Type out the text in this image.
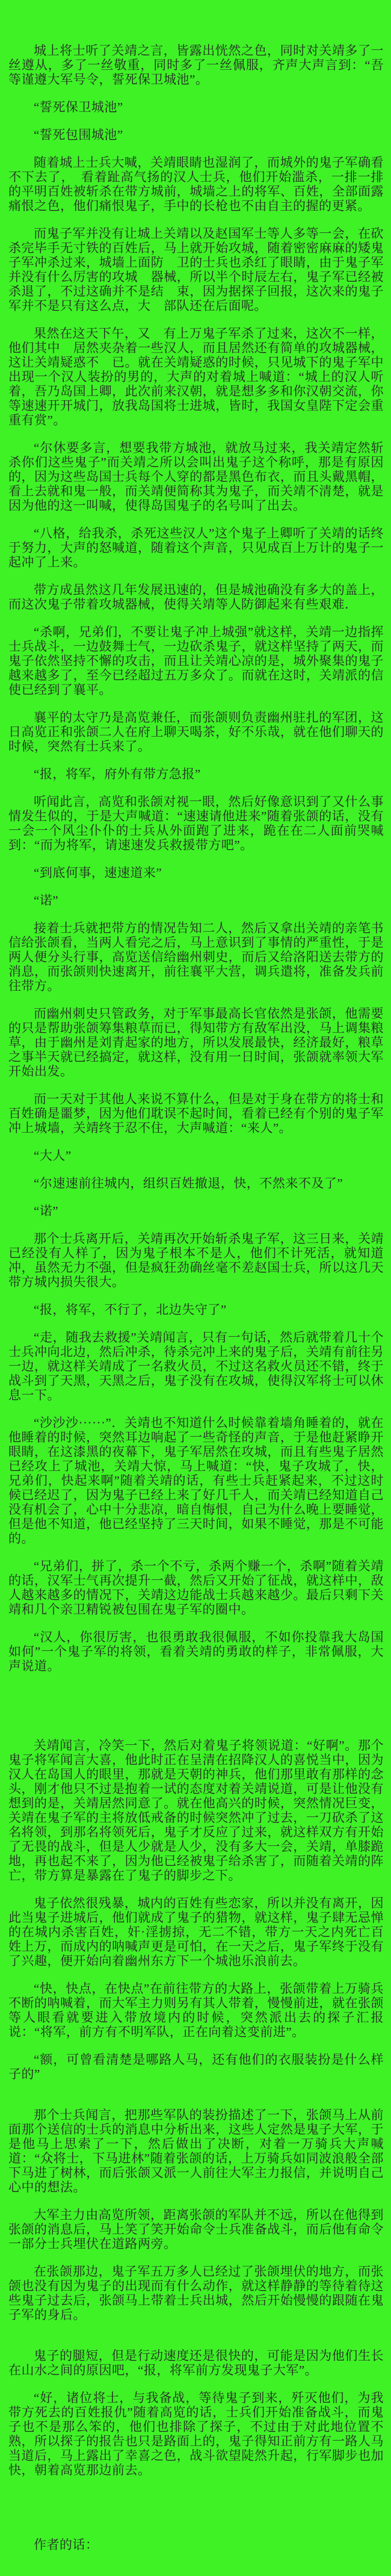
城上将士听了关靖之言，皆露出恍然之色，同时对关靖多了一丝遵从，多了一丝敬重，同时多了一丝佩服，齐声大声言到：“吾等谨遵大军号令，誓死保卫城池”。

“誓死保卫城池”

“誓死包围城池”

随着城上士兵大喊，关靖眼睛也湿润了，而城外的鬼子军确看不下去了，　看着趾高气扬的汉人士兵，他们开始滥杀，一排一排的平明百姓被斩杀在带方城前，城墙之上的将军、百姓，全部面露痛恨之色，他们痛恨鬼子，手中的长枪也不由自主的握的更紧。

而鬼子军并没有让城上关靖以及赵国军士等人多等一会，在砍杀完毕手无寸铁的百姓后，马上就开始攻城，随着密密麻麻的矮鬼子军冲杀过来，城墙上面防　卫的士兵也杀红了眼睛，由于鬼子军并没有什么厉害的攻城　器械，所以半个时辰左右，鬼子军已经被杀退了，不过这确并不是结　束，因为据探子回报，这次来的鬼子军并不是只有这么点，大　部队还在后面呢。

果然在这天下午，又　有上万鬼子军杀了过来，这次不一样，他们其中　居然夹杂着一些汉人，而且居然还有简单的攻城器械，这让关靖疑惑不　已。就在关靖疑惑的时候，只见城下的鬼子军中出现一个汉人装扮的男的，大声的对着城上喊道：“城上的汉人听着，吾乃岛国上卿，此次前来汉朝，就是想多多和你汉朝交流，你等速速开开城门，放我岛国将士进城，皆时，我国女皇陛下定会重重有赏”。

“尔休要多言，想要我带方城池，就放马过来，我关靖定然斩杀你们这些鬼子”而关靖之所以会叫出鬼子这个称呼，那是有原因的，因为这些岛国士兵每个人穿的都是黑色布衣，而且头戴黑帽，看上去就和鬼一般，而关靖便简称其为鬼子，而关靖不清楚，就是因为他的这一叫喊，使得岛国鬼子的名号叫了出去。

“八格，给我杀，杀死这些汉人”这个鬼子上卿听了关靖的话终于努力，大声的怒喊道，随着这个声音，只见成百上万计的鬼子一起冲了上来。

带方成虽然这几年发展迅速的，但是城池确没有多大的盖上，而这次鬼子带着攻城器械，使得关靖等人防御起来有些艰难．

“杀啊，兄弟们，不要让鬼子冲上城强”就这样，关靖一边指挥士兵战斗，一边鼓舞士气，一边砍杀鬼子，就这样坚持了两天，而鬼子依然坚持不懈的攻击，而且让关靖心凉的是，城外聚集的鬼子越来越多了，至今已经超过五万多众了。而就在这时，关靖派的信使已经到了襄平。

襄平的太守乃是高览兼任，而张颌则负责幽州驻扎的军团，这日高览正和张颌二人在府上聊天喝茶，好不乐哉，就在他们聊天的时候，突然有士兵来了。

“报，将军，府外有带方急报”

听闻此言，高览和张颌对视一眼，然后好像意识到了又什么事情发生似的，于是大声喊道：“速速请他进来”随着张颌的话，没有一会一个风尘仆仆的士兵从外面跑了进来，跪在在二人面前哭喊到：“而为将军，请速速发兵救援带方吧”。

“到底何事，速速道来”

“诺”

接着士兵就把带方的情况告知二人，然后又拿出关靖的亲笔书信给张颌看，当两人看完之后，马上意识到了事情的严重性，于是两人便分头行事，高览送信给幽州刺史，而后又给洛阳送去带方的消息，而张颌则快速离开，前往襄平大营，调兵遣将，准备发兵前往带方。

而幽州刺史只管政务，对于军事最高长官依然是张颌，他需要的只是帮助张颌筹集粮草而已，得知带方有敌军出没，马上调集粮草，由于幽州是刘青起家的地方，所以发展最快，经济最好，粮草之事半天就已经搞定，就这样，没有用一日时间，张颌就率领大军开始出发。

而一天对于其他人来说不算什么，但是对于身在带方的将士和百姓确是噩梦，因为他们耽误不起时间，看着已经有个别的鬼子军冲上城墙，关靖终于忍不住，大声喊道：“来人”。

“大人”

“尔速速前往城内，组织百姓撤退，快，不然来不及了”

“诺”

那个士兵离开后，关靖再次开始斩杀鬼子军，这三日来，关靖已经没有人样了，因为鬼子根本不是人，他们不计死活，就知道冲，虽然无力不强，但是疯狂劲确丝毫不差赵国士兵，所以这几天带方城内损失很大。

“报，将军，不行了，北边失守了”

“走，随我去救援”关靖闻言，只有一句话，然后就带着几十个士兵冲向北边，然后冲杀，待杀完冲上来的鬼子后，关靖有前往另一边，就这样关靖成了一名救火员，不过这名救火员还不错，终于战斗到了天黑，天黑之后，鬼子没有在攻城，使得汉军将士可以休息一下。

“沙沙沙······”．关靖也不知道什么时候靠着墙角睡着的，就在他睡着的时候，突然耳边响起了一些奇怪的声音，于是他赶紧睁开眼睛，在这漆黑的夜幕下，鬼子军居然在攻城，而且有些鬼子居然已经攻上了城池，关靖大惊，马上喊道：“快，鬼子攻城了，快，兄弟们，快起来啊”随着关靖的话，有些士兵赶紧起来，不过这时候已经迟了，因为鬼子已经上来了好几千人，而关靖已经知道自己没有机会了，心中十分悲凉，暗自悔恨，自己为什么晚上要睡觉，但是他不知道，他已经坚持了三天时间，如果不睡觉，那是不可能的。

“兄弟们，拼了，杀一个不亏，杀两个赚一个，杀啊”随着关靖的话，汉军士气再次提升一截，然后又开始了征战，就这样中，敌人越来越多的情况下，关靖这边能战士兵越来越少。最后只剩下关靖和几个亲卫精锐被包围在鬼子军的圈中。

“汉人，你很厉害，也很勇敢我很佩服，不如你投靠我大岛国如何”一个鬼子军的将领，看着关靖的勇敢的样子，非常佩服，大声说道。

关靖闻言，冷笑一下，然后对着鬼子将领说道：“好啊”。那个鬼子将军闻言大喜，他此时正在呈清在招降汉人的喜悦当中，因为汉人在岛国人的眼里，那就是天朝的神兵，他们那里敢有那样的念头，刚才他只不过是抱着一试的态度对着关靖说道，可是让他没有想到的是，关靖居然同意了。就在他高兴的时候，突然情况巨变，关靖在鬼子军的主将放低戒备的时候突然冲了过去，一刀砍杀了这名将领，到那名将领死后，鬼子才反应了过来，就这样双方有开始了无畏的战斗，但是人少就是人少，没有多大一会，关靖，单膝跪地，再也起不来了，因为他已经被鬼子给杀害了，而随着关靖的阵亡，带方算是暴露在了鬼子的脚步之下。

鬼子依然很残暴，城内的百姓有些恋家，所以并没有离开，因此当鬼子进城后，他们就成了鬼子的猎物，就这样，鬼子肆无忌惮的在城内杀害百姓，奸·淫掳掠，无二不错，带方一天之内死亡百姓上万，而成内的呐喊声更是可怕，在一天之后，鬼子军终于没有了兴趣，便开始向着幽州东方下一个城池乐浪前去。

“快，快点，在快点”在前往带方的大路上，张颌带着上万骑兵不断的呐喊着，而大军主力则另有其人带着，慢慢前进，就在张颌等人眼看就要进入带放境内的时候，突然派出去的探子汇报说：“将军，前方有不明军队，正在向着这变前进”。

“额，可曾看清楚是哪路人马，还有他们的衣服装扮是什么样子的”

那个士兵闻言，把那些军队的装扮描述了一下，张颌马上从前面那个送信的士兵的消息中分析出来，这些人定然是鬼子大军，于是他马上思索了一下，然后做出了决断，对着一万骑兵大声喊道：“众将士，下马进林”随着张颌的话，上万骑兵如同波浪般全部下马进了树林，而后张颌又派一人前往大军主力报信，并说明自己心中的想法。

大军主力由高览所领，距离张颌的军队并不远，所以在他得到张颌的消息后，马上笑了笑开始命令士兵准备战斗，而后他有命令一部分士兵埋伏在道路两旁。

在张颌那边，鬼子军五万多人已经过了张颌埋伏的地方，而张颌也没有因为鬼子的出现而有什么动作，就这样静静的等待着待这些鬼子过去后，张颌马上带着士兵出城，然后开始慢慢的跟随在鬼子军的身后。

鬼子的腿短，但是行动速度还是很快的，可能是因为他们生长在山水之间的原因吧，“报，将军前方发现鬼子大军”。

“好，诸位将士，与我备战，等待鬼子到来，歼灭他们，为我带方死去的百姓报仇”随着高览的话，士兵们开始准备战斗，而鬼子也不是那么笨的，他们也排除了探子，不过由于对此地位置不熟，所以探子的报告也只是路面上的，鬼子得知正前方有一路人马当道后，马上露出了幸喜之色，战斗欲望陡然升起，行军脚步也加快，朝着高览那边前去。

作者的话：
